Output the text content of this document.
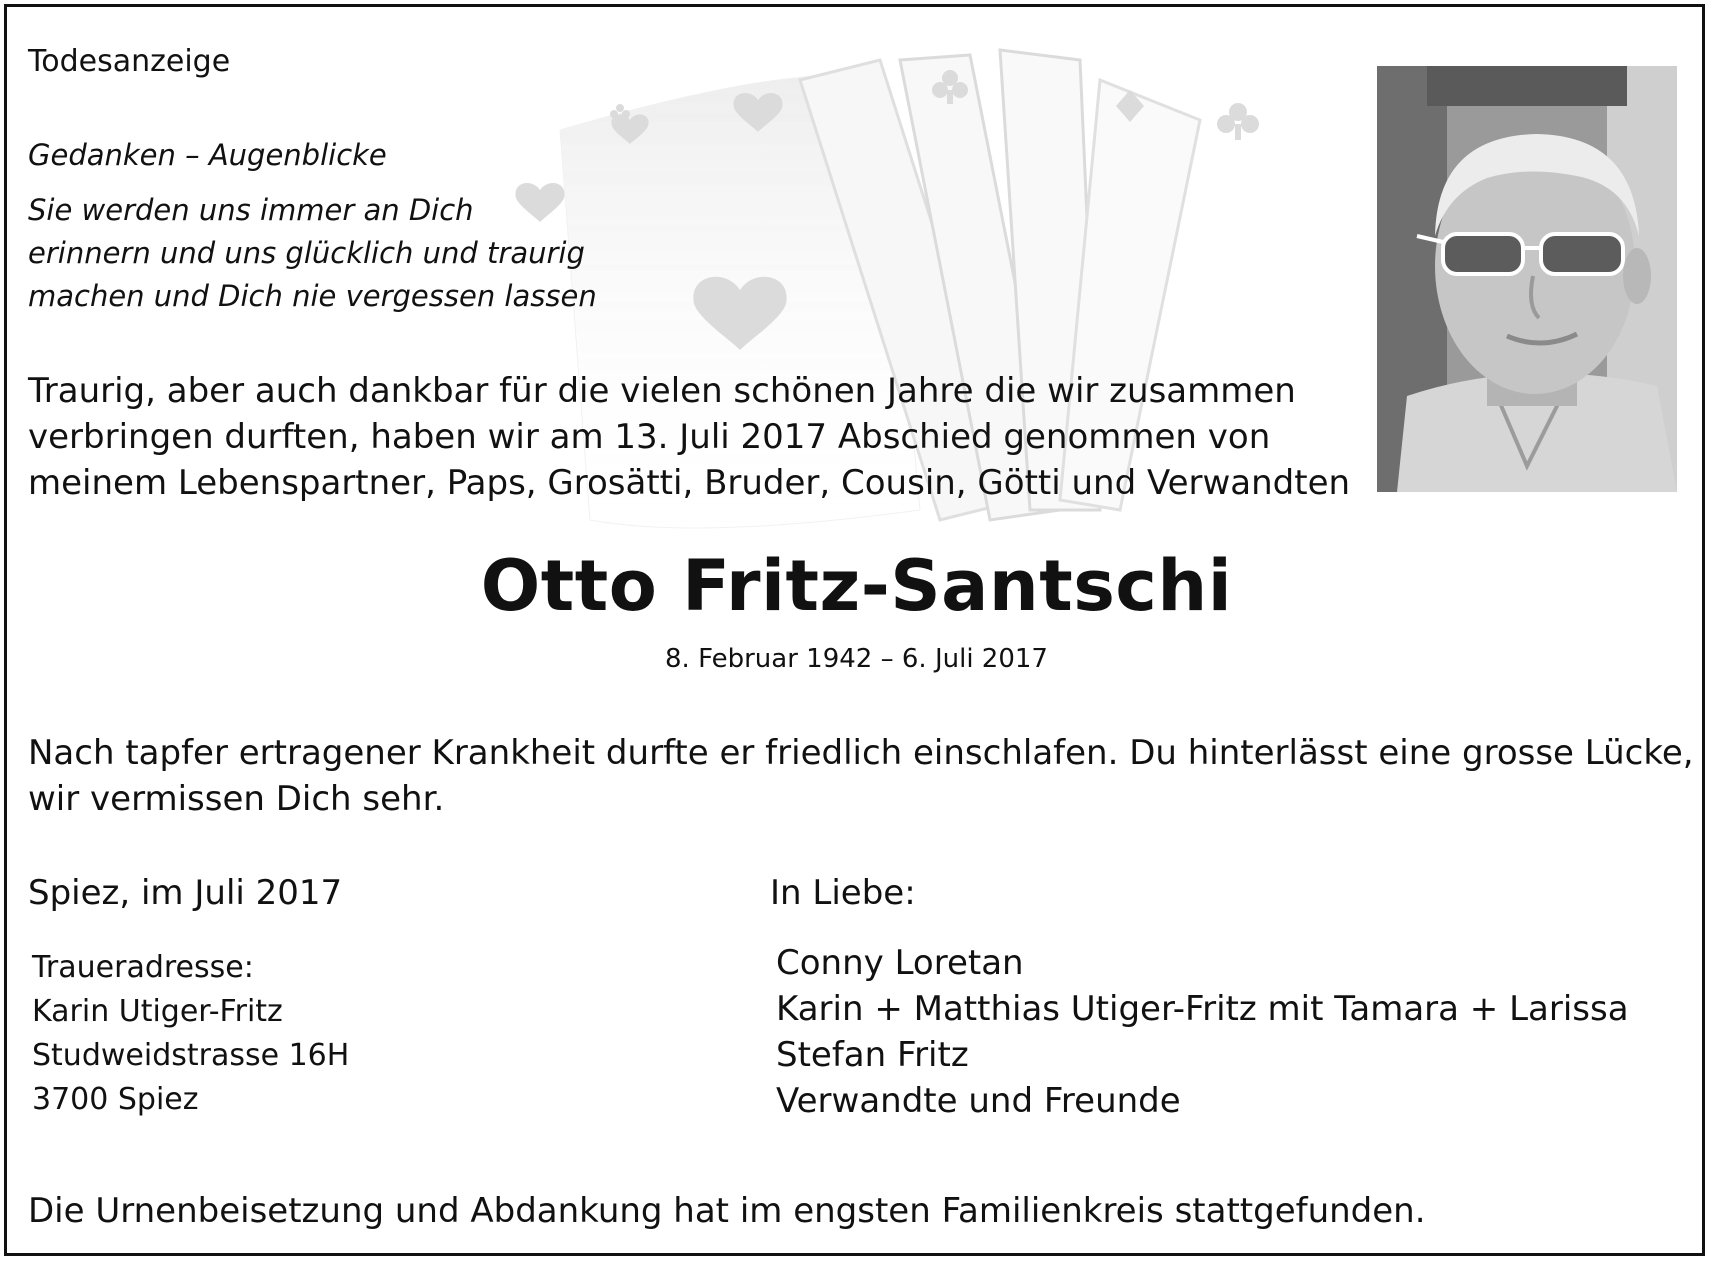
Todesanzeige
Gedanken – Augenblicke
Sie werden uns immer an Dich
erinnern und uns glücklich und traurig
machen und Dich nie vergessen lassen
Traurig, aber auch dankbar für die vielen schönen Jahre die wir zusammen
verbringen durften, haben wir am 13. Juli 2017 Abschied genommen von
meinem Lebenspartner, Paps, Grosätti, Bruder, Cousin, Götti und Verwandten
Otto Fritz-Santschi
8. Februar 1942 – 6. Juli 2017
Nach tapfer ertragener Krankheit durfte er friedlich einschlafen. Du hinterlässt eine grosse Lücke,
wir vermissen Dich sehr.
Spiez, im Juli 2017
Traueradresse:
Karin Utiger-Fritz
Studweidstrasse 16H
3700 Spiez
In Liebe:
Conny Loretan
Karin + Matthias Utiger-Fritz mit Tamara + Larissa
Stefan Fritz
Verwandte und Freunde
Die Urnenbeisetzung und Abdankung hat im engsten Familienkreis stattgefunden.
